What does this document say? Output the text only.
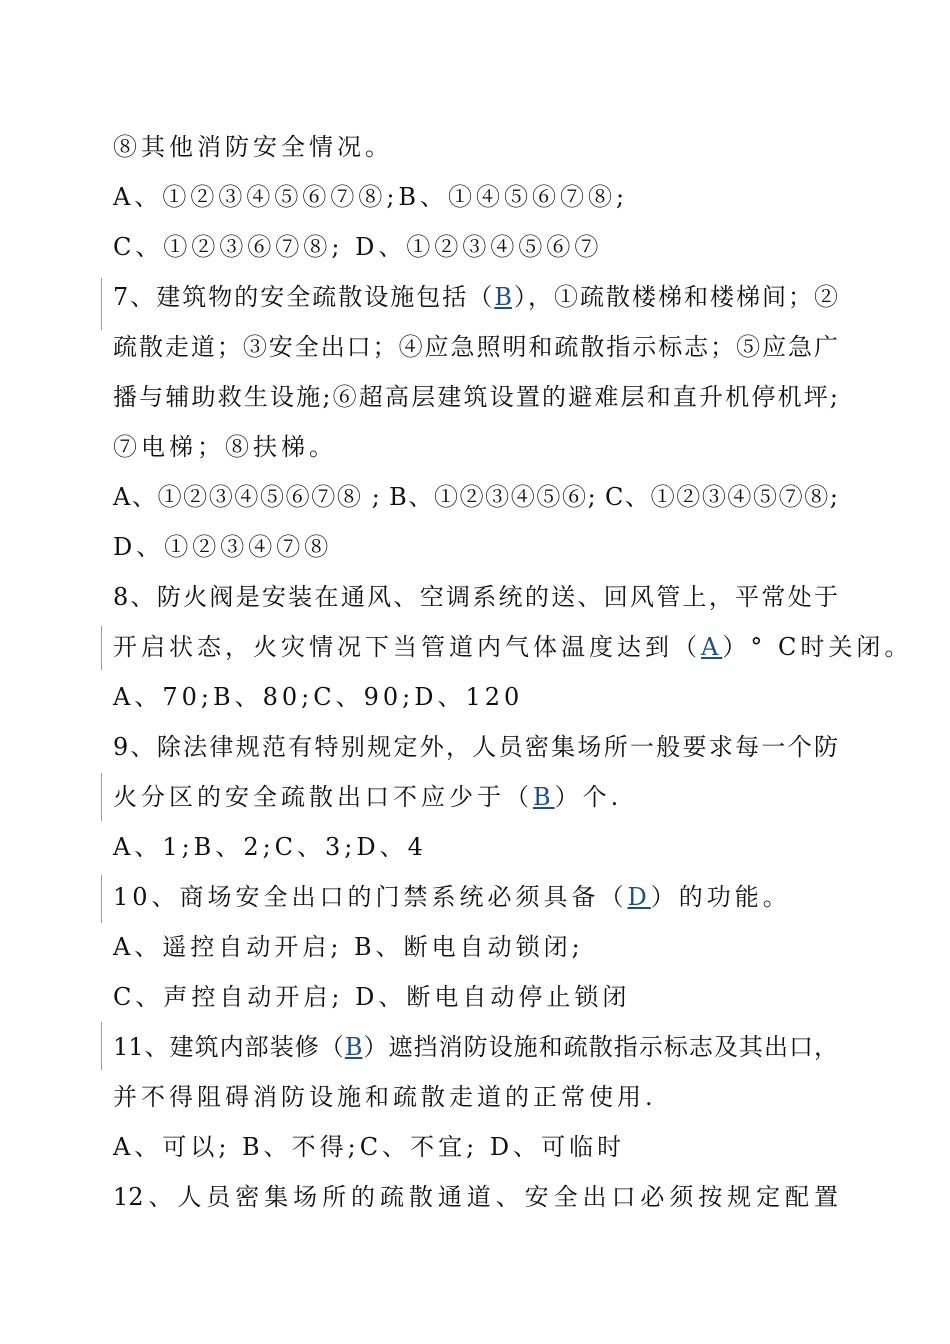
⑧其他消防安全情况。
A、①②③④⑤⑥⑦⑧;B、①④⑤⑥⑦⑧;
C、①②③⑥⑦⑧; D、①②③④⑤⑥⑦
7、建筑物的安全疏散设施包括（B），①疏散楼梯和楼梯间；②
疏散走道；③安全出口；④应急照明和疏散指示标志；⑤应急广
播与辅助救生设施;⑥超高层建筑设置的避难层和直升机停机坪;
⑦电梯；⑧扶梯。
A、①②③④⑤⑥⑦⑧ ; B、①②③④⑤⑥; C、①②③④⑤⑦⑧;
D、①②③④⑦⑧
8、防火阀是安装在通风、空调系统的送、回风管上，平常处于
开启状态，火灾情况下当管道内气体温度达到（A）° C时关闭。
A、70;B、80;C、90;D、120
9、除法律规范有特别规定外，人员密集场所一般要求每一个防
火分区的安全疏散出口不应少于（B）个.
A、1;B、2;C、3;D、4
10、商场安全出口的门禁系统必须具备（D）的功能。
A、遥控自动开启; B、断电自动锁闭;
C、声控自动开启; D、断电自动停止锁闭
11、建筑内部装修（B）遮挡消防设施和疏散指示标志及其出口，
并不得阻碍消防设施和疏散走道的正常使用.
A、可以; B、不得;C、不宜; D、可临时
12、人员密集场所的疏散通道、安全出口必须按规定配置
